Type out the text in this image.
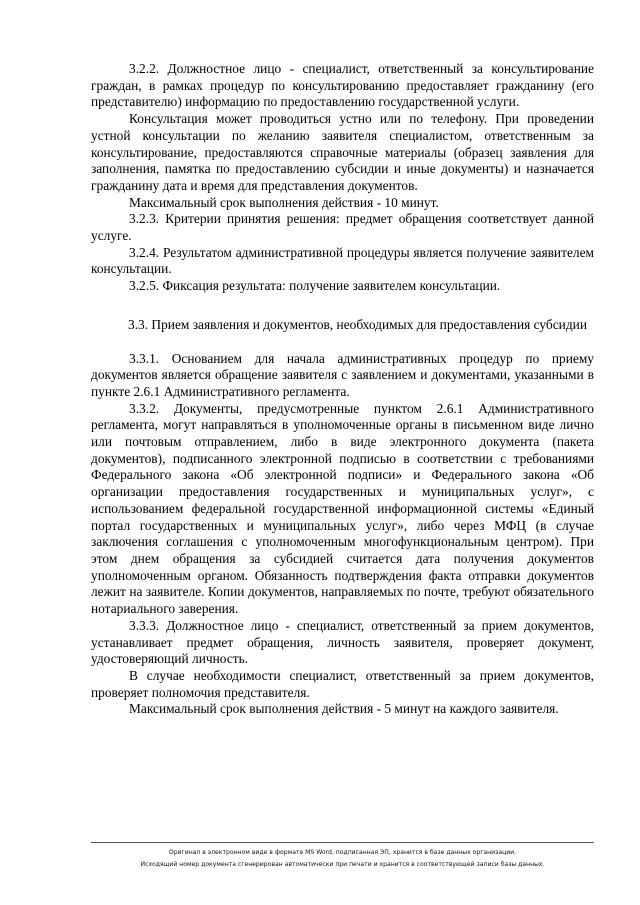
3.2.2. Должностное лицо - специалист, ответственный за консультирование граждан, в рамках процедур по консультированию предоставляет гражданину (его представителю) информацию по предоставлению государственной услуги.

Консультация может проводиться устно или по телефону. При проведении устной консультации по желанию заявителя специалистом, ответственным за консультирование, предоставляются справочные материалы (образец заявления для заполнения, памятка по предоставлению субсидии и иные документы) и назначается гражданину дата и время для представления документов.

Максимальный срок выполнения действия - 10 минут.

3.2.3. Критерии принятия решения: предмет обращения соответствует данной услуге.

3.2.4. Результатом административной процедуры является получение заявителем консультации.

3.2.5. Фиксация результата: получение заявителем консультации.

3.3. Прием заявления и документов, необходимых для предоставления субсидии

3.3.1. Основанием для начала административных процедур по приему документов является обращение заявителя с заявлением и документами, указанными в пункте 2.6.1 Административного регламента.

3.3.2. Документы, предусмотренные пунктом 2.6.1 Административного регламента, могут направляться в уполномоченные органы в письменном виде лично или почтовым отправлением, либо в виде электронного документа (пакета документов), подписанного электронной подписью в соответствии с требованиями Федерального закона «Об электронной подписи» и Федерального закона «Об организации предоставления государственных и муниципальных услуг», с использованием федеральной государственной информационной системы «Единый портал государственных и муниципальных услуг», либо через МФЦ (в случае заключения соглашения с уполномоченным многофункциональным центром). При этом днем обращения за субсидией считается дата получения документов уполномоченным органом. Обязанность подтверждения факта отправки документов лежит на заявителе. Копии документов, направляемых по почте, требуют обязательного нотариального заверения.

3.3.3. Должностное лицо - специалист, ответственный за прием документов, устанавливает предмет обращения, личность заявителя, проверяет документ, удостоверяющий личность.

В случае необходимости специалист, ответственный за прием документов, проверяет полномочия представителя.

Максимальный срок выполнения действия - 5 минут на каждого заявителя.

Оригинал в электронном виде в формате MS Word, подписанная ЭП, хранится в базе данных организации.
Исходящий номер документа сгенерирован автоматически при печати и хранится в соответствующей записи базы данных.
